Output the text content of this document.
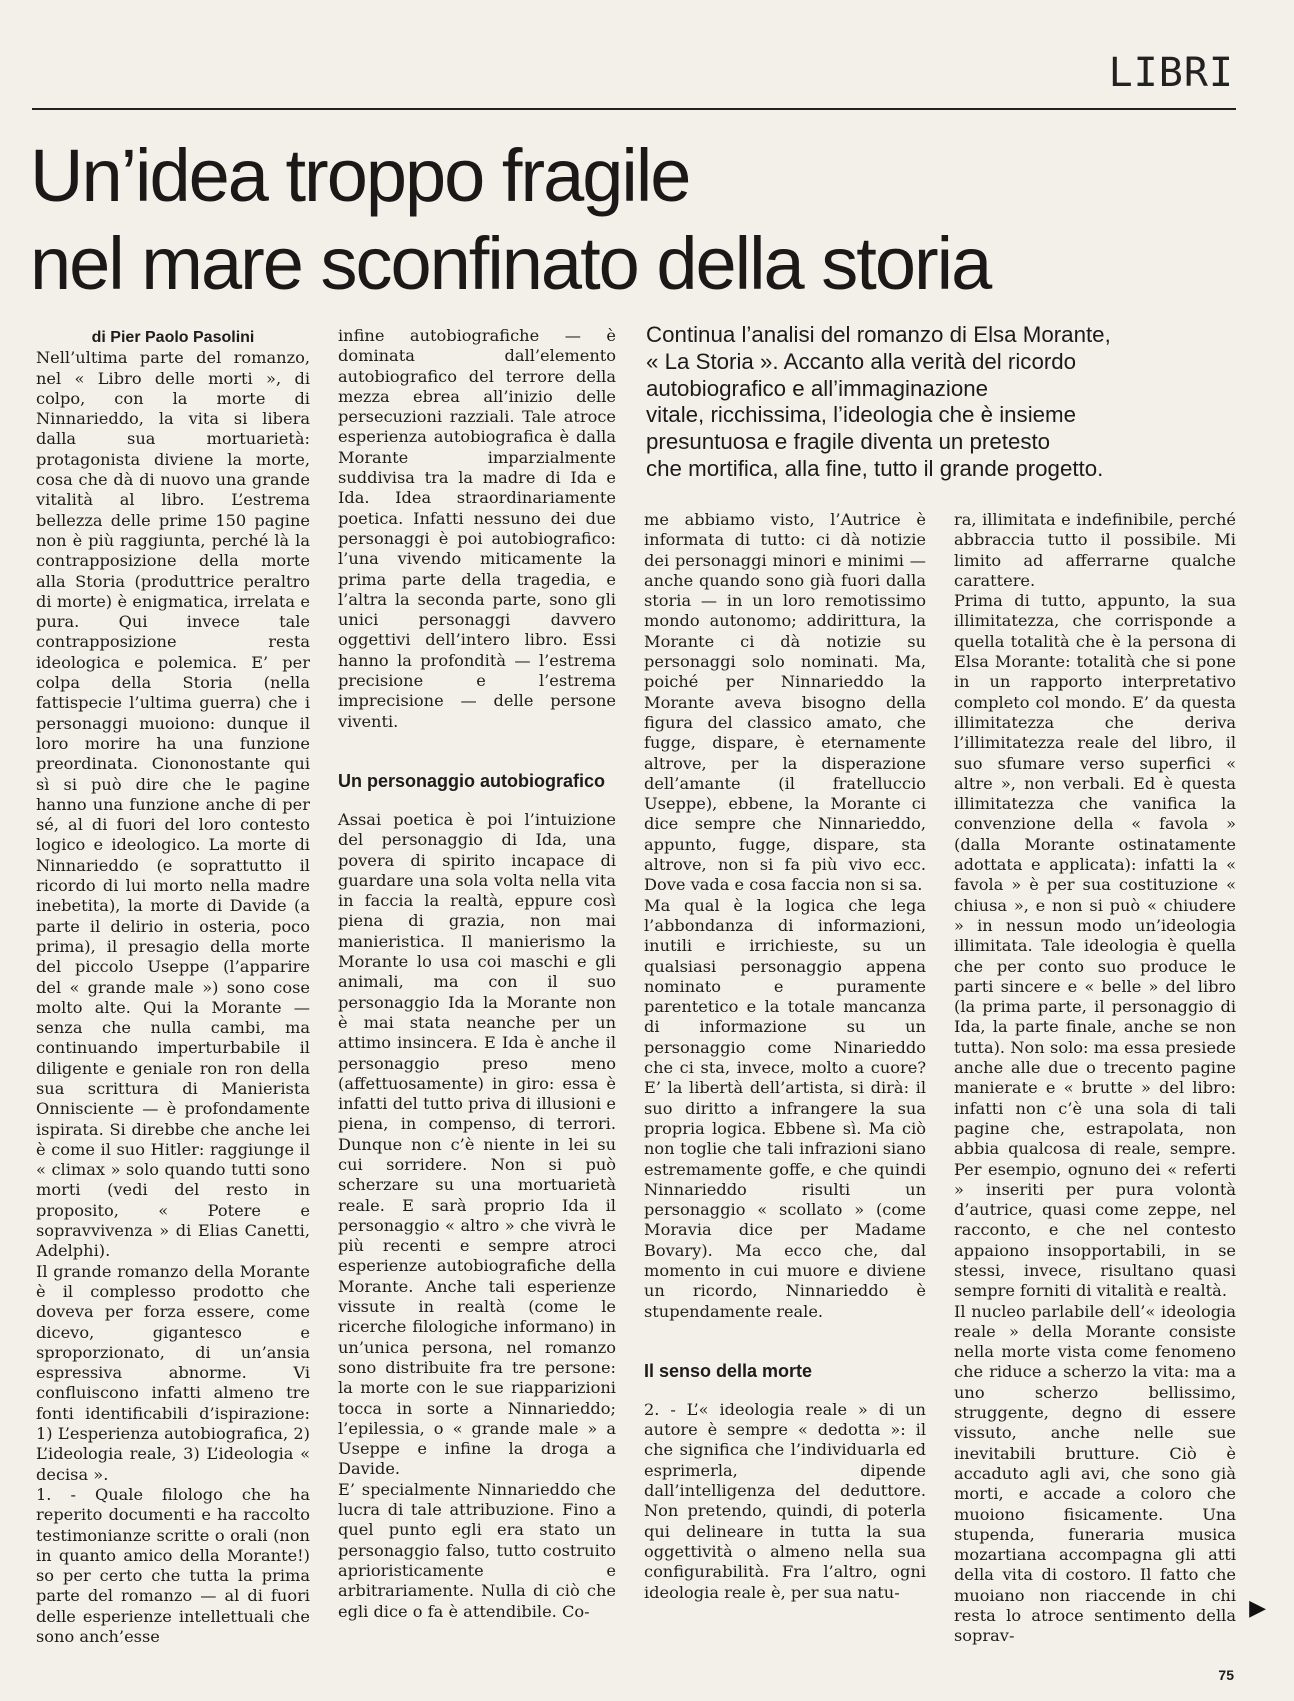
LIBRI
Un’idea troppo fragile
nel mare sconfinato della storia

di Pier Paolo Pasolini

Nell’ultima parte del romanzo, nel « Libro delle morti », di colpo, con la morte di Ninnarieddo, la vita si libera dalla sua mortuarietà: protagonista diviene la morte, cosa che dà di nuovo una grande vitalità al libro. L’estrema bellezza delle prime 150 pagine non è più raggiunta, perché là la contrapposizione della morte alla Storia (produttrice peraltro di morte) è enigmatica, irrelata e pura. Qui invece tale contrapposizione resta ideologica e polemica. E’ per colpa della Storia (nella fattispecie l’ultima guerra) che i personaggi muoiono: dunque il loro morire ha una funzione preordinata. Ciononostante qui sì si può dire che le pagine hanno una funzione anche di per sé, al di fuori del loro contesto logico e ideologico. La morte di Ninnarieddo (e soprattutto il ricordo di lui morto nella madre inebetita), la morte di Davide (a parte il delirio in osteria, poco prima), il presagio della morte del piccolo Useppe (l’apparire del « grande male ») sono cose molto alte. Qui la Morante — senza che nulla cambi, ma continuando imperturbabile il diligente e geniale ron ron della sua scrittura di Manierista Onnisciente — è profondamente ispirata. Si direbbe che anche lei è come il suo Hitler: raggiunge il « climax » solo quando tutti sono morti (vedi del resto in proposito, « Potere e sopravvivenza » di Elias Canetti, Adelphi).

Il grande romanzo della Morante è il complesso prodotto che doveva per forza essere, come dicevo, gigantesco e sproporzionato, di un’ansia espressiva abnorme. Vi confluiscono infatti almeno tre fonti identificabili d’ispirazione: 1) L’esperienza autobiografica, 2) L’ideologia reale, 3) L’ideologia « decisa ».

1. - Quale filologo che ha reperito documenti e ha raccolto testimonianze scritte o orali (non in quanto amico della Morante!) so per certo che tutta la prima parte del romanzo — al di fuori delle esperienze intellettuali che sono anch’esse

infine autobiografiche — è dominata dall’elemento autobiografico del terrore della mezza ebrea all’inizio delle persecuzioni razziali. Tale atroce esperienza autobiografica è dalla Morante imparzialmente suddivisa tra la madre di Ida e Ida. Idea straordinariamente poetica. Infatti nessuno dei due personaggi è poi autobiografico: l’una vivendo miticamente la prima parte della tragedia, e l’altra la seconda parte, sono gli unici personaggi davvero oggettivi dell’intero libro. Essi hanno la profondità — l’estrema precisione e l’estrema imprecisione — delle persone viventi.

Un personaggio autobiografico

Assai poetica è poi l’intuizione del personaggio di Ida, una povera di spirito incapace di guardare una sola volta nella vita in faccia la realtà, eppure così piena di grazia, non mai manieristica. Il manierismo la Morante lo usa coi maschi e gli animali, ma con il suo personaggio Ida la Morante non è mai stata neanche per un attimo insincera. E Ida è anche il personaggio preso meno (affettuosamente) in giro: essa è infatti del tutto priva di illusioni e piena, in compenso, di terrori. Dunque non c’è niente in lei su cui sorridere. Non si può scherzare su una mortuarietà reale. E sarà proprio Ida il personaggio « altro » che vivrà le più recenti e sempre atroci esperienze autobiografiche della Morante. Anche tali esperienze vissute in realtà (come le ricerche filologiche informano) in un’unica persona, nel romanzo sono distribuite fra tre persone: la morte con le sue riapparizioni tocca in sorte a Ninnarieddo; l’epilessia, o « grande male » a Useppe e infine la droga a Davide.

E’ specialmente Ninnarieddo che lucra di tale attribuzione. Fino a quel punto egli era stato un personaggio falso, tutto costruito aprioristicamente e arbitrariamente. Nulla di ciò che egli dice o fa è attendibile. Co-

Continua l’analisi del romanzo di Elsa Morante,
« La Storia ». Accanto alla verità del ricordo
autobiografico e all’immaginazione
vitale, ricchissima, l’ideologia che è insieme
presuntuosa e fragile diventa un pretesto
che mortifica, alla fine, tutto il grande progetto.

me abbiamo visto, l’Autrice è informata di tutto: ci dà notizie dei personaggi minori e minimi — anche quando sono già fuori dalla storia — in un loro remotissimo mondo autonomo; addirittura, la Morante ci dà notizie su personaggi solo nominati. Ma, poiché per Ninnarieddo la Morante aveva bisogno della figura del classico amato, che fugge, dispare, è eternamente altrove, per la disperazione dell’amante (il fratelluccio Useppe), ebbene, la Morante ci dice sempre che Ninnarieddo, appunto, fugge, dispare, sta altrove, non si fa più vivo ecc. Dove vada e cosa faccia non si sa.

Ma qual è la logica che lega l’abbondanza di informazioni, inutili e irrichieste, su un qualsiasi personaggio appena nominato e puramente parentetico e la totale mancanza di informazione su un personaggio come Ninarieddo che ci sta, invece, molto a cuore? E’ la libertà dell’artista, si dirà: il suo diritto a infrangere la sua propria logica. Ebbene sì. Ma ciò non toglie che tali infrazioni siano estremamente goffe, e che quindi Ninnarieddo risulti un personaggio « scollato » (come Moravia dice per Madame Bovary). Ma ecco che, dal momento in cui muore e diviene un ricordo, Ninnarieddo è stupendamente reale.

Il senso della morte

2. - L’« ideologia reale » di un autore è sempre « dedotta »: il che significa che l’individuarla ed esprimerla, dipende dall’intelligenza del deduttore. Non pretendo, quindi, di poterla qui delineare in tutta la sua oggettività o almeno nella sua configurabilità. Fra l’altro, ogni ideologia reale è, per sua natu-

ra, illimitata e indefinibile, perché abbraccia tutto il possibile. Mi limito ad afferrarne qualche carattere.

Prima di tutto, appunto, la sua illimitatezza, che corrisponde a quella totalità che è la persona di Elsa Morante: totalità che si pone in un rapporto interpretativo completo col mondo. E’ da questa illimitatezza che deriva l’illimitatezza reale del libro, il suo sfumare verso superfici « altre », non verbali. Ed è questa illimitatezza che vanifica la convenzione della « favola » (dalla Morante ostinatamente adottata e applicata): infatti la « favola » è per sua costituzione « chiusa », e non si può « chiudere » in nessun modo un’ideologia illimitata. Tale ideologia è quella che per conto suo produce le parti sincere e « belle » del libro (la prima parte, il personaggio di Ida, la parte finale, anche se non tutta). Non solo: ma essa presiede anche alle due o trecento pagine manierate e « brutte » del libro: infatti non c’è una sola di tali pagine che, estrapolata, non abbia qualcosa di reale, sempre. Per esempio, ognuno dei « referti » inseriti per pura volontà d’autrice, quasi come zeppe, nel racconto, e che nel contesto appaiono insopportabili, in se stessi, invece, risultano quasi sempre forniti di vitalità e realtà.

Il nucleo parlabile dell’« ideologia reale » della Morante consiste nella morte vista come fenomeno che riduce a scherzo la vita: ma a uno scherzo bellissimo, struggente, degno di essere vissuto, anche nelle sue inevitabili brutture. Ciò è accaduto agli avi, che sono già morti, e accade a coloro che muoiono fisicamente. Una stupenda, funeraria musica mozartiana accompagna gli atti della vita di costoro. Il fatto che muoiano non riaccende in chi resta lo atroce sentimento della soprav-

▶
75
